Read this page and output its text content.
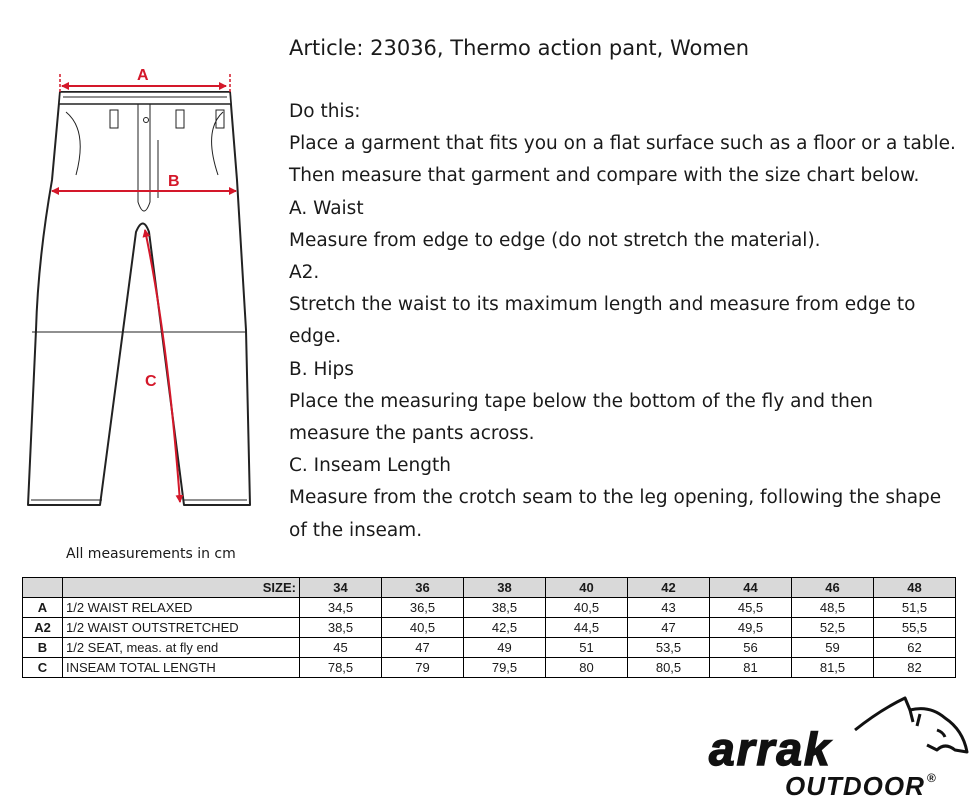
A
B
C
Article: 23036, Thermo action pant, Women

Do this:

Place a garment that fits you on a flat surface such as a floor or a table. Then measure that garment and compare with the size chart below.

A. Waist

Measure from edge to edge (do not stretch the material).

A2.

Stretch the waist to its maximum length and measure from edge to edge.

B. Hips

Place the measuring tape below the bottom of the fly and then measure the pants across.

C. Inseam Length

Measure from the crotch seam to the leg opening, following the shape of the inseam.

All measurements in cm
	SIZE:	34	36	38	40	42	44	46	48
A	1/2 WAIST RELAXED	34,5	36,5	38,5	40,5	43	45,5	48,5	51,5
A2	1/2 WAIST OUTSTRETCHED	38,5	40,5	42,5	44,5	47	49,5	52,5	55,5
B	1/2 SEAT, meas. at fly end	45	47	49	51	53,5	56	59	62
C	INSEAM TOTAL LENGTH	78,5	79	79,5	80	80,5	81	81,5	82
arrak
OUTDOOR ®
